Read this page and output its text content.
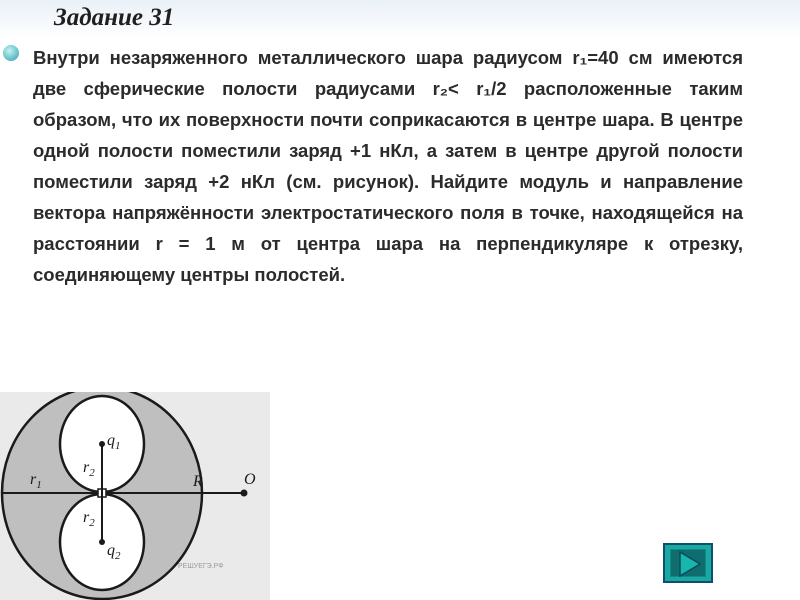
Задание 31

Внутри незаряженного металлического шара радиусом r₁=40 см имеются две сферические полости радиусами r₂< r₁/2 расположенные таким образом, что их поверхности почти соприкасаются в центре шара. В центре одной полости поместили заряд +1 нКл, а затем в центре другой полости поместили заряд +2 нКл (см. рисунок). Найдите модуль и направление вектора напряжённости электростатического поля в точке, находящейся на расстоянии r = 1 м от центра шара на перпендикуляре к отрезку, соединяющему центры полостей.

$q_1$
$q_2$
$r_1$
$r_2$
$r_2$
R	O
РЕШУЕГЭ.РФ
